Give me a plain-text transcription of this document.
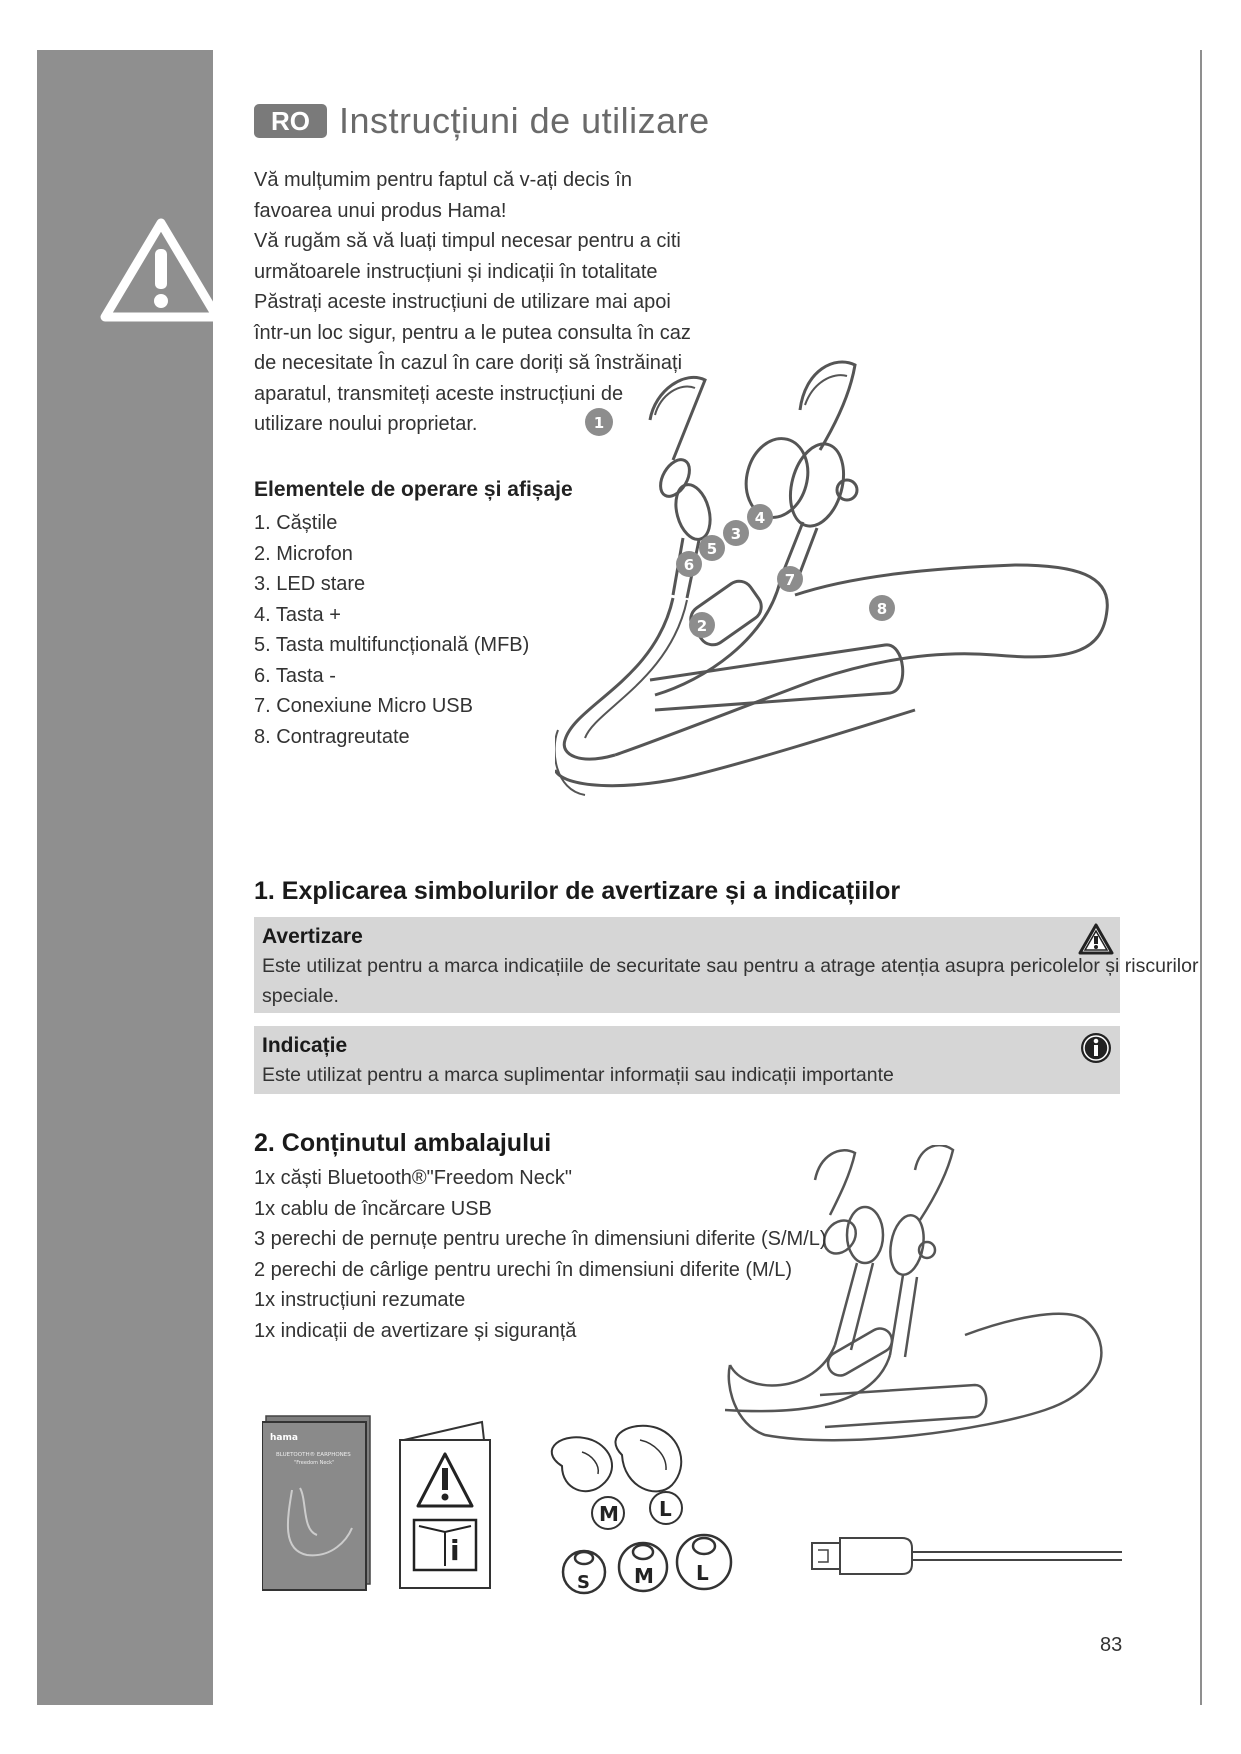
RO Instrucțiuni de utilizare

Vă mulțumim pentru faptul că v-ați decis în

favoarea unui produs Hama!

Vă rugăm să vă luați timpul necesar pentru a citi

următoarele instrucțiuni și indicații în totalitate

Păstrați aceste instrucțiuni de utilizare mai apoi

într-un loc sigur, pentru a le putea consulta în caz

de necesitate În cazul în care doriți să înstrăinați

aparatul, transmiteți aceste instrucțiuni de

utilizare noului proprietar.

Elementele de operare și afișaje
1. Căștile
2. Microfon
3. LED stare
4. Tasta +
5. Tasta multifuncțională (MFB)
6. Tasta -
7. Conexiune Micro USB
8. Contragreutate
1
2
3
4
5
6
7
8
1. Explicarea simbolurilor de avertizare și a indicațiilor
Avertizare
Este utilizat pentru a marca indicațiile de securitate sau pentru a atrage atenția asupra pericolelor și riscurilor speciale.
Indicație
Este utilizat pentru a marca suplimentar informații sau indicații importante
2. Conținutul ambalajului
1x căști Bluetooth®"Freedom Neck"
1x cablu de încărcare USB
3 perechi de pernuțe pentru ureche în dimensiuni diferite (S/M/L)
2 perechi de cârlige pentru urechi în dimensiuni diferite (M/L)
1x instrucțiuni rezumate
1x indicații de avertizare și siguranță
hama
BLUETOOTH® EARPHONES
"Freedom Neck"
i
M L
S M L
83
